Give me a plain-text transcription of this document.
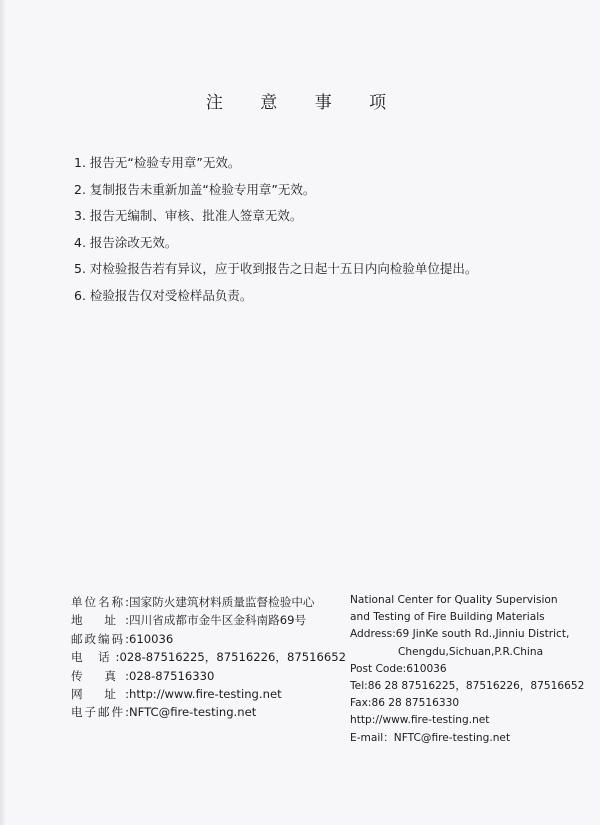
注 意 事 项
1. 报告无“检验专用章”无效。
2. 复制报告未重新加盖“检验专用章”无效。
3. 报告无编制、审核、批准人签章无效。
4. 报告涂改无效。
5. 对检验报告若有异议，应于收到报告之日起十五日内向检验单位提出。
6. 检验报告仅对受检样品负责。
单位名称: 国家防火建筑材料质量监督检验中心
地 址: 四川省成都市金牛区金科南路69号
邮政编码: 610036
电 话: 028-87516225，87516226，87516652
传 真: 028-87516330
网 址: http://www.fire-testing.net
电子邮件: NFTC@fire-testing.net
National Center for Quality Supervision
and Testing of Fire Building Materials
Address:69 JinKe south Rd.,Jinniu District,
Chengdu,Sichuan,P.R.China
Post Code:610036
Tel:86 28 87516225，87516226，87516652
Fax:86 28 87516330
http://www.fire-testing.net
E-mail：NFTC@fire-testing.net
